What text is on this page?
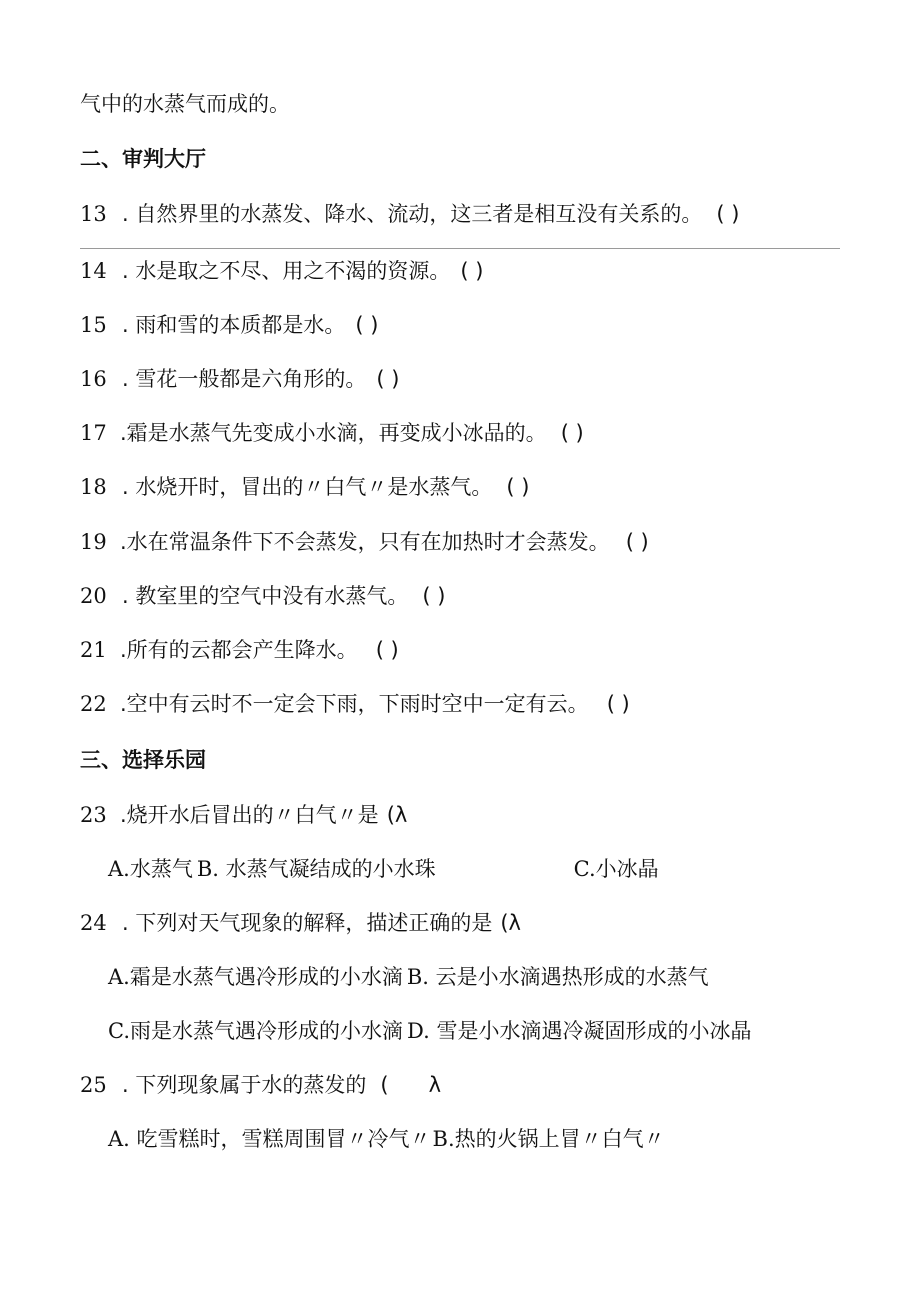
气中的水蒸气而成的。
二、审判大厅
13 . 自然界里的水蒸发、降水、流动，这三者是相互没有关系的。 ( )
14 . 水是取之不尽、用之不渴的资源。 ( )
15 . 雨和雪的本质都是水。 ( )
16 . 雪花一般都是六角形的。 ( )
17 .霜是水蒸气先变成小水滴，再变成小冰品的。 ( )
18 . 水烧开时，冒出的〃白气〃是水蒸气。 ( )
19 .水在常温条件下不会蒸发，只有在加热时才会蒸发。 ( )
20 . 教室里的空气中没有水蒸气。 ( )
21 .所有的云都会产生降水。 ( )
22 .空中有云时不一定会下雨，下雨时空中一定有云。 ( )
三、选择乐园
23 .烧开水后冒出的〃白气〃是 (λ
A.水蒸气 B. 水蒸气凝结成的小水珠	C.小冰晶
24 . 下列对天气现象的解释，描述正确的是 (λ
A.霜是水蒸气遇冷形成的小水滴 B. 云是小水滴遇热形成的水蒸气
C.雨是水蒸气遇冷形成的小水滴 D. 雪是小水滴遇冷凝固形成的小冰晶
25 . 下列现象属于水的蒸发的 ( λ
A. 吃雪糕时，雪糕周围冒〃冷气〃B.热的火锅上冒〃白气〃
